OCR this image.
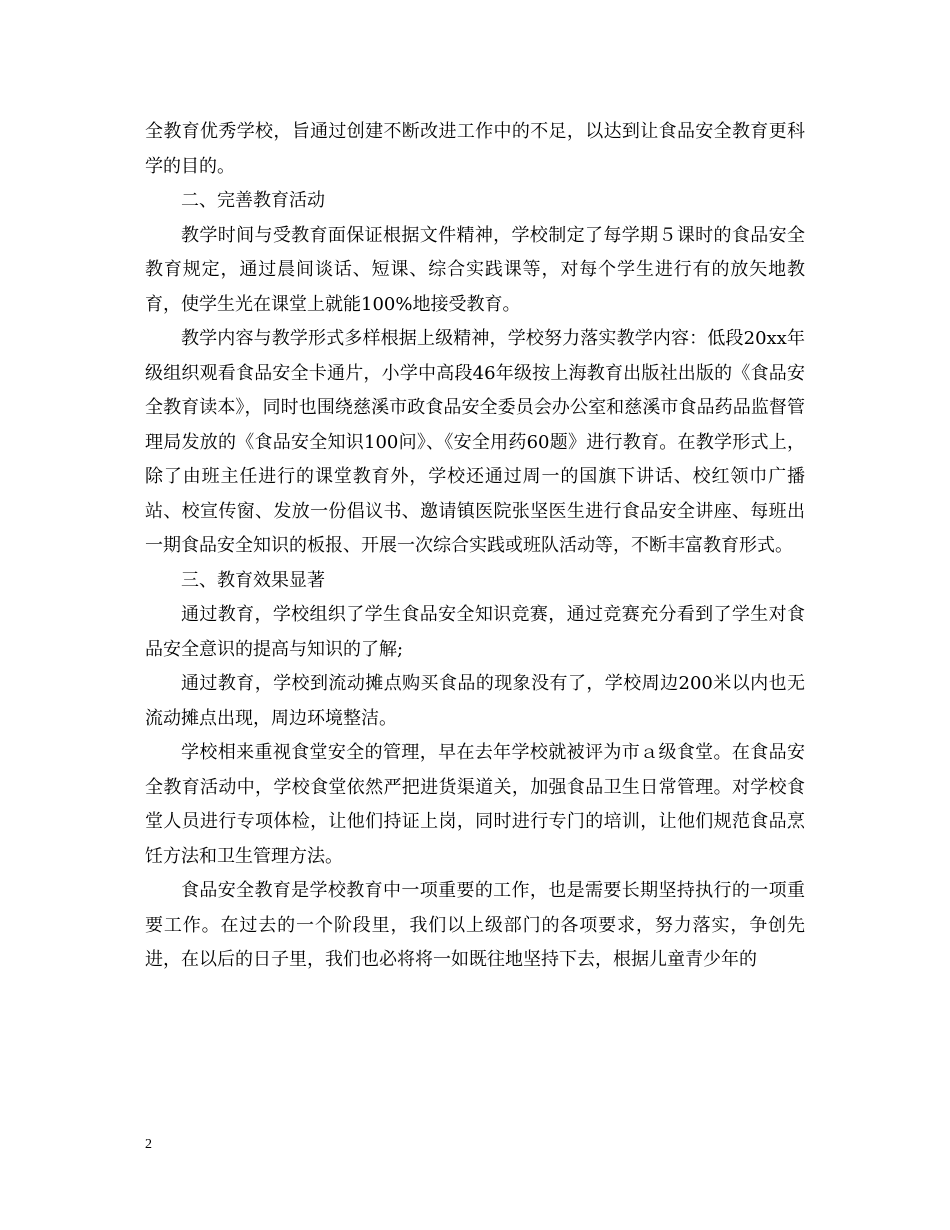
全教育优秀学校，旨通过创建不断改进工作中的不足，以达到让食品安全教育更科学的目的。

二、完善教育活动

教学时间与受教育面保证根据文件精神，学校制定了每学期５课时的食品安全教育规定，通过晨间谈话、短课、综合实践课等，对每个学生进行有的放矢地教育，使学生光在课堂上就能100%地接受教育。

教学内容与教学形式多样根据上级精神，学校努力落实教学内容：低段20xx年级组织观看食品安全卡通片，小学中高段46年级按上海教育出版社出版的《食品安全教育读本》，同时也围绕慈溪市政食品安全委员会办公室和慈溪市食品药品监督管理局发放的《食品安全知识100问》、《安全用药60题》进行教育。在教学形式上，除了由班主任进行的课堂教育外，学校还通过周一的国旗下讲话、校红领巾广播站、校宣传窗、发放一份倡议书、邀请镇医院张坚医生进行食品安全讲座、每班出一期食品安全知识的板报、开展一次综合实践或班队活动等，不断丰富教育形式。

三、教育效果显著

通过教育，学校组织了学生食品安全知识竞赛，通过竞赛充分看到了学生对食品安全意识的提高与知识的了解;

通过教育，学校到流动摊点购买食品的现象没有了，学校周边200米以内也无流动摊点出现，周边环境整洁。

学校相来重视食堂安全的管理，早在去年学校就被评为市ａ级食堂。在食品安全教育活动中，学校食堂依然严把进货渠道关，加强食品卫生日常管理。对学校食堂人员进行专项体检，让他们持证上岗，同时进行专门的培训，让他们规范食品烹饪方法和卫生管理方法。

食品安全教育是学校教育中一项重要的工作，也是需要长期坚持执行的一项重要工作。在过去的一个阶段里，我们以上级部门的各项要求，努力落实，争创先进，在以后的日子里，我们也必将将一如既往地坚持下去，根据儿童青少年的

2
